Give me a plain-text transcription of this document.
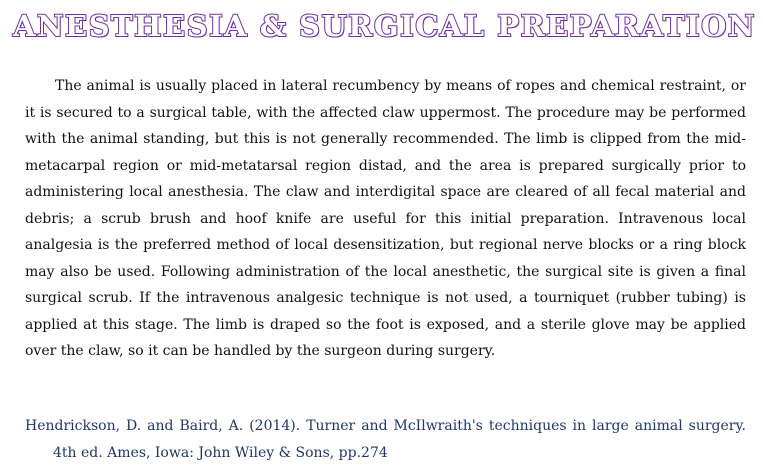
ANESTHESIA & SURGICAL PREPARATION

The animal is usually placed in lateral recumbency by means of ropes and chemical restraint, or it is secured to a surgical table, with the affected claw uppermost. The procedure may be performed with the animal standing, but this is not generally recommended. The limb is clipped from the mid-metacarpal region or mid-metatarsal region distad, and the area is prepared surgically prior to administering local anesthesia. The claw and interdigital space are cleared of all fecal material and debris; a scrub brush and hoof knife are useful for this initial preparation. Intravenous local analgesia is the preferred method of local desensitization, but regional nerve blocks or a ring block may also be used. Following administration of the local anesthetic, the surgical site is given a final surgical scrub. If the intravenous analgesic technique is not used, a tourniquet (rubber tubing) is applied at this stage. The limb is draped so the foot is exposed, and a sterile glove may be applied over the claw, so it can be handled by the surgeon during surgery.

Hendrickson, D. and Baird, A. (2014). Turner and McIlwraith's techniques in large animal surgery. 4th ed. Ames, Iowa: John Wiley & Sons, pp.274
